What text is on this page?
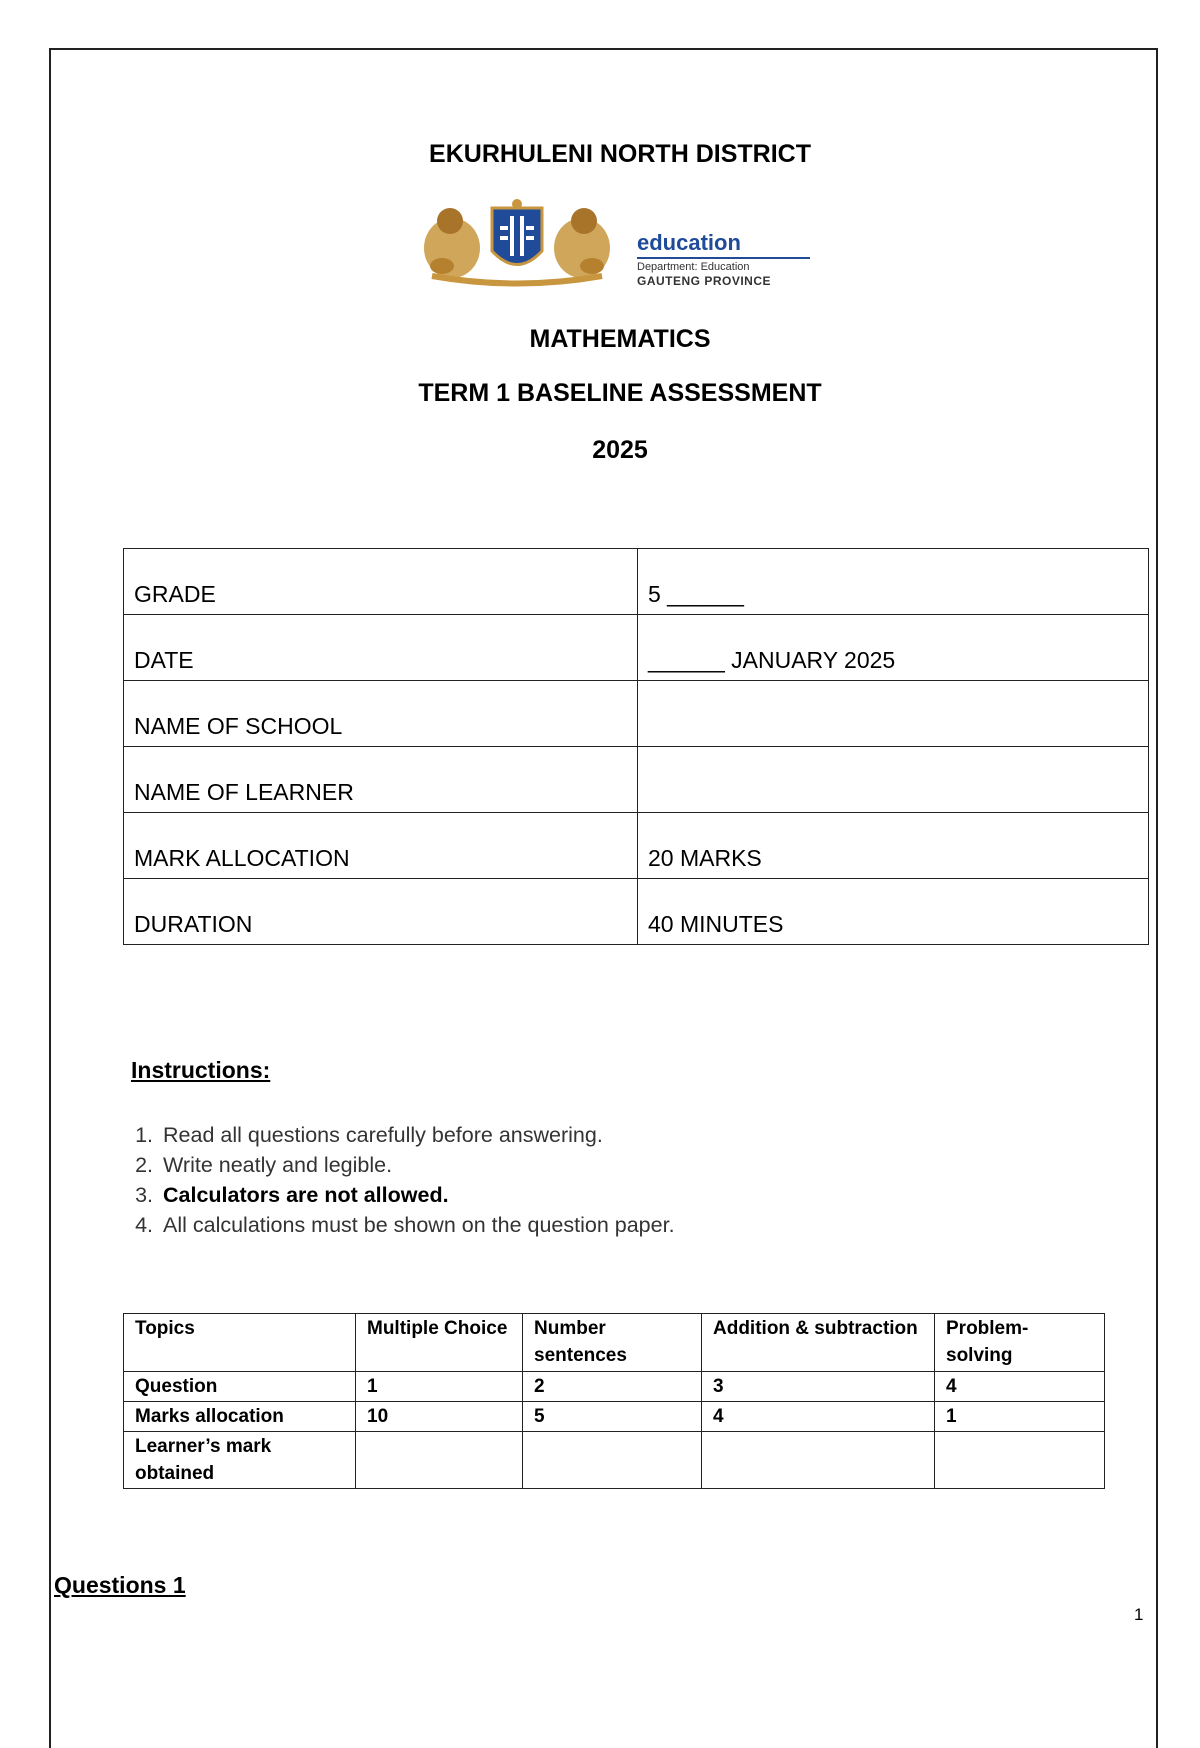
EKURHULENI NORTH DISTRICT
education
Department: Education
GAUTENG PROVINCE
MATHEMATICS
TERM 1 BASELINE ASSESSMENT
2025
GRADE	5 ______
DATE	______ JANUARY 2025
NAME OF SCHOOL	
NAME OF LEARNER	
MARK ALLOCATION	20 MARKS
DURATION	40 MINUTES
Instructions:
1. Read all questions carefully before answering.
2. Write neatly and legible.
3. Calculators are not allowed.
4. All calculations must be shown on the question paper.
Topics	Multiple Choice	Number sentences	Addition & subtraction	Problem-solving
Question	1	2	3	4
Marks allocation	10	5	4	1
Learner’s mark obtained				
Questions 1
1
